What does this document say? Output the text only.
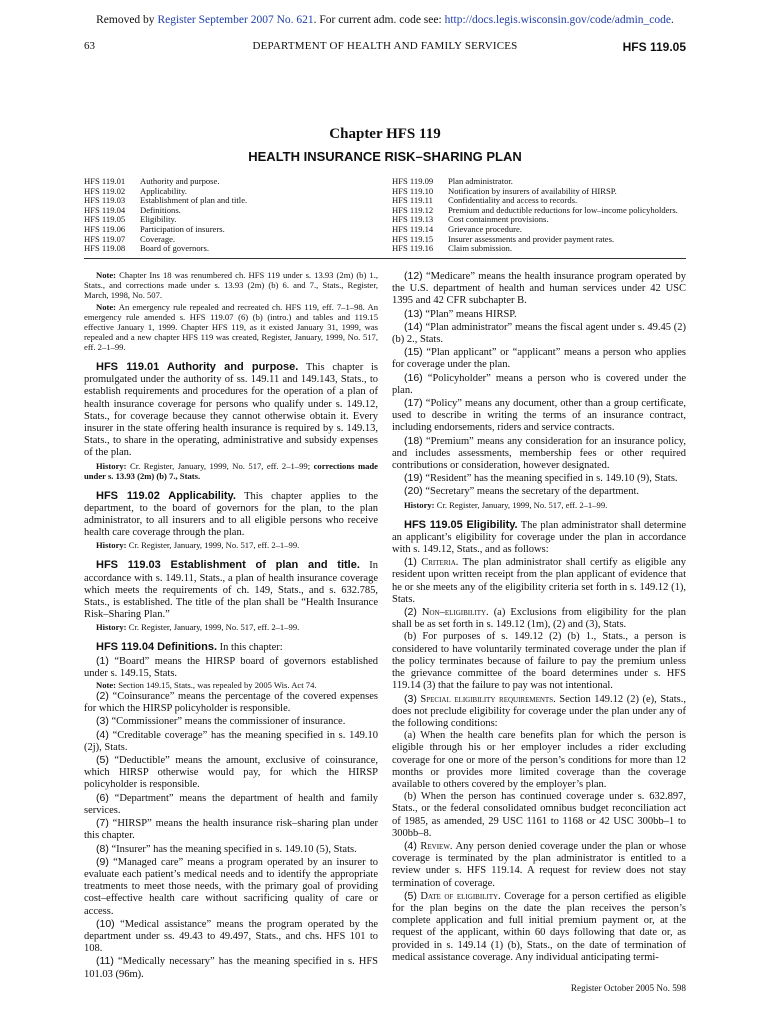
Removed by Register September 2007 No. 621. For current adm. code see: http://docs.legis.wisconsin.gov/code/admin_code.
DEPARTMENT OF HEALTH AND FAMILY SERVICES
63	HFS 119.05
Chapter HFS 119
HEALTH INSURANCE RISK–SHARING PLAN
HFS 119.01	Authority and purpose.
HFS 119.02	Applicability.
HFS 119.03	Establishment of plan and title.
HFS 119.04	Definitions.
HFS 119.05	Eligibility.
HFS 119.06	Participation of insurers.
HFS 119.07	Coverage.
HFS 119.08	Board of governors.
HFS 119.09	Plan administrator.
HFS 119.10	Notification by insurers of availability of HIRSP.
HFS 119.11	Confidentiality and access to records.
HFS 119.12	Premium and deductible reductions for low–income policyholders.
HFS 119.13	Cost containment provisions.
HFS 119.14	Grievance procedure.
HFS 119.15	Insurer assessments and provider payment rates.
HFS 119.16	Claim submission.

Note: Chapter Ins 18 was renumbered ch. HFS 119 under s. 13.93 (2m) (b) 1., Stats., and corrections made under s. 13.93 (2m) (b) 6. and 7., Stats., Register, March, 1998, No. 507.

Note: An emergency rule repealed and recreated ch. HFS 119, eff. 7–1–98. An emergency rule amended s. HFS 119.07 (6) (b) (intro.) and tables and 119.15 effective January 1, 1999. Chapter HFS 119, as it existed January 31, 1999, was repealed and a new chapter HFS 119 was created, Register, January, 1999, No. 517, eff. 2–1–99.

HFS 119.01 Authority and purpose. This chapter is promulgated under the authority of ss. 149.11 and 149.143, Stats., to establish requirements and procedures for the operation of a plan of health insurance coverage for persons who qualify under s. 149.12, Stats., for coverage because they cannot otherwise obtain it. Every insurer in the state offering health insurance is required by s. 149.13, Stats., to share in the operating, administrative and subsidy expenses of the plan.

History: Cr. Register, January, 1999, No. 517, eff. 2–1–99; corrections made under s. 13.93 (2m) (b) 7., Stats.

HFS 119.02 Applicability. This chapter applies to the department, to the board of governors for the plan, to the plan administrator, to all insurers and to all eligible persons who receive health care coverage through the plan.

History: Cr. Register, January, 1999, No. 517, eff. 2–1–99.

HFS 119.03 Establishment of plan and title. In accordance with s. 149.11, Stats., a plan of health insurance coverage which meets the requirements of ch. 149, Stats., and s. 632.785, Stats., is established. The title of the plan shall be “Health Insurance Risk–Sharing Plan.”

History: Cr. Register, January, 1999, No. 517, eff. 2–1–99.

HFS 119.04 Definitions. In this chapter:

(1) “Board” means the HIRSP board of governors established under s. 149.15, Stats.

Note: Section 149.15, Stats., was repealed by 2005 Wis. Act 74.

(2) “Coinsurance” means the percentage of the covered expenses for which the HIRSP policyholder is responsible.

(3) “Commissioner” means the commissioner of insurance.

(4) “Creditable coverage” has the meaning specified in s. 149.10 (2j), Stats.

(5) “Deductible” means the amount, exclusive of coinsurance, which HIRSP otherwise would pay, for which the HIRSP policyholder is responsible.

(6) “Department” means the department of health and family services.

(7) “HIRSP” means the health insurance risk–sharing plan under this chapter.

(8) “Insurer” has the meaning specified in s. 149.10 (5), Stats.

(9) “Managed care” means a program operated by an insurer to evaluate each patient’s medical needs and to identify the appropriate treatments to meet those needs, with the primary goal of providing cost–effective health care without sacrificing quality of care or access.

(10) “Medical assistance” means the program operated by the department under ss. 49.43 to 49.497, Stats., and chs. HFS 101 to 108.

(11) “Medically necessary” has the meaning specified in s. HFS 101.03 (96m).

(12) “Medicare” means the health insurance program operated by the U.S. department of health and human services under 42 USC 1395 and 42 CFR subchapter B.

(13) “Plan” means HIRSP.

(14) “Plan administrator” means the fiscal agent under s. 49.45 (2) (b) 2., Stats.

(15) “Plan applicant” or “applicant” means a person who applies for coverage under the plan.

(16) “Policyholder” means a person who is covered under the plan.

(17) “Policy” means any document, other than a group certificate, used to describe in writing the terms of an insurance contract, including endorsements, riders and service contracts.

(18) “Premium” means any consideration for an insurance policy, and includes assessments, membership fees or other required contributions or consideration, however designated.

(19) “Resident” has the meaning specified in s. 149.10 (9), Stats.

(20) “Secretary” means the secretary of the department.

History: Cr. Register, January, 1999, No. 517, eff. 2–1–99.

HFS 119.05 Eligibility. The plan administrator shall determine an applicant’s eligibility for coverage under the plan in accordance with s. 149.12, Stats., and as follows:

(1) Criteria. The plan administrator shall certify as eligible any resident upon written receipt from the plan applicant of evidence that he or she meets any of the eligibility criteria set forth in s. 149.12 (1), Stats.

(2) Non–eligibility. (a) Exclusions from eligibility for the plan shall be as set forth in s. 149.12 (1m), (2) and (3), Stats.

(b) For purposes of s. 149.12 (2) (b) 1., Stats., a person is considered to have voluntarily terminated coverage under the plan if the policy terminates because of failure to pay the premium unless the grievance committee of the board determines under s. HFS 119.14 (3) that the failure to pay was not intentional.

(3) Special eligibility requirements. Section 149.12 (2) (e), Stats., does not preclude eligibility for coverage under the plan under any of the following conditions:

(a) When the health care benefits plan for which the person is eligible through his or her employer includes a rider excluding coverage for one or more of the person’s conditions for more than 12 months or provides more limited coverage than the coverage available to others covered by the employer’s plan.

(b) When the person has continued coverage under s. 632.897, Stats., or the federal consolidated omnibus budget reconciliation act of 1985, as amended, 29 USC 1161 to 1168 or 42 USC 300bb–1 to 300bb–8.

(4) Review. Any person denied coverage under the plan or whose coverage is terminated by the plan administrator is entitled to a review under s. HFS 119.14. A request for review does not stay termination of coverage.

(5) Date of eligibility. Coverage for a person certified as eligible for the plan begins on the date the plan receives the person’s complete application and full initial premium payment or, at the request of the applicant, within 60 days following that date or, as provided in s. 149.14 (1) (b), Stats., on the date of termination of medical assistance coverage. Any individual anticipating termi-

Register October 2005 No. 598
